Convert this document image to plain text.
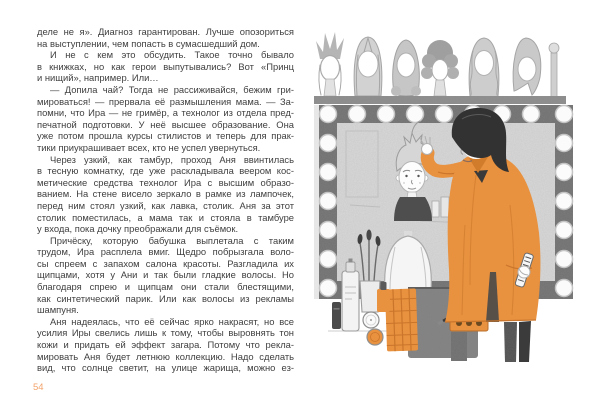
деле не я». Диагноз гарантирован. Лучше опозориться
на выступлении, чем попасть в сумасшедший дом.
И не с кем это обсудить. Такое точно бывало
в книжках, но как герои выпутывались? Вот «Принц
и нищий», например. Или…
— Допила чай? Тогда не рассиживайся, бежим гри-
мироваться! — прервала её размышления мама. — За-
помни, что Ира — не гримёр, а технолог из отдела пред-
печатной подготовки. У неё высшее образование. Она
уже потом прошла курсы стилистов и теперь для прак-
тики приукрашивает всех, кто не успел увернуться.
Через узкий, как тамбур, проход Аня ввинтилась
в тесную комнатку, где уже раскладывала веером кос-
метические средства технолог Ира с высшим образо-
ванием. На стене висело зеркало в рамке из лампочек,
перед ним стоял узкий, как лавка, столик. Аня за этот
столик поместилась, а мама так и стояла в тамбуре
у входа, пока дочку преображали для съёмок.
Причёску, которую бабушка выплетала с таким
трудом, Ира расплела вмиг. Щедро побрызгала воло-
сы спреем с запахом салона красоты. Разгладила их
щипцами, хотя у Ани и так были гладкие волосы. Но
благодаря спрею и щипцам они стали блестящими,
как синтетический парик. Или как волосы из рекламы
шампуня.
Аня надеялась, что её сейчас ярко накрасят, но все
усилия Иры свелись лишь к тому, чтобы выровнять тон
кожи и придать ей эффект загара. Потому что рекла-
мировать Аня будет летнюю коллекцию. Надо сделать
вид, что солнце светит, на улице жарища, можно ез-
54
